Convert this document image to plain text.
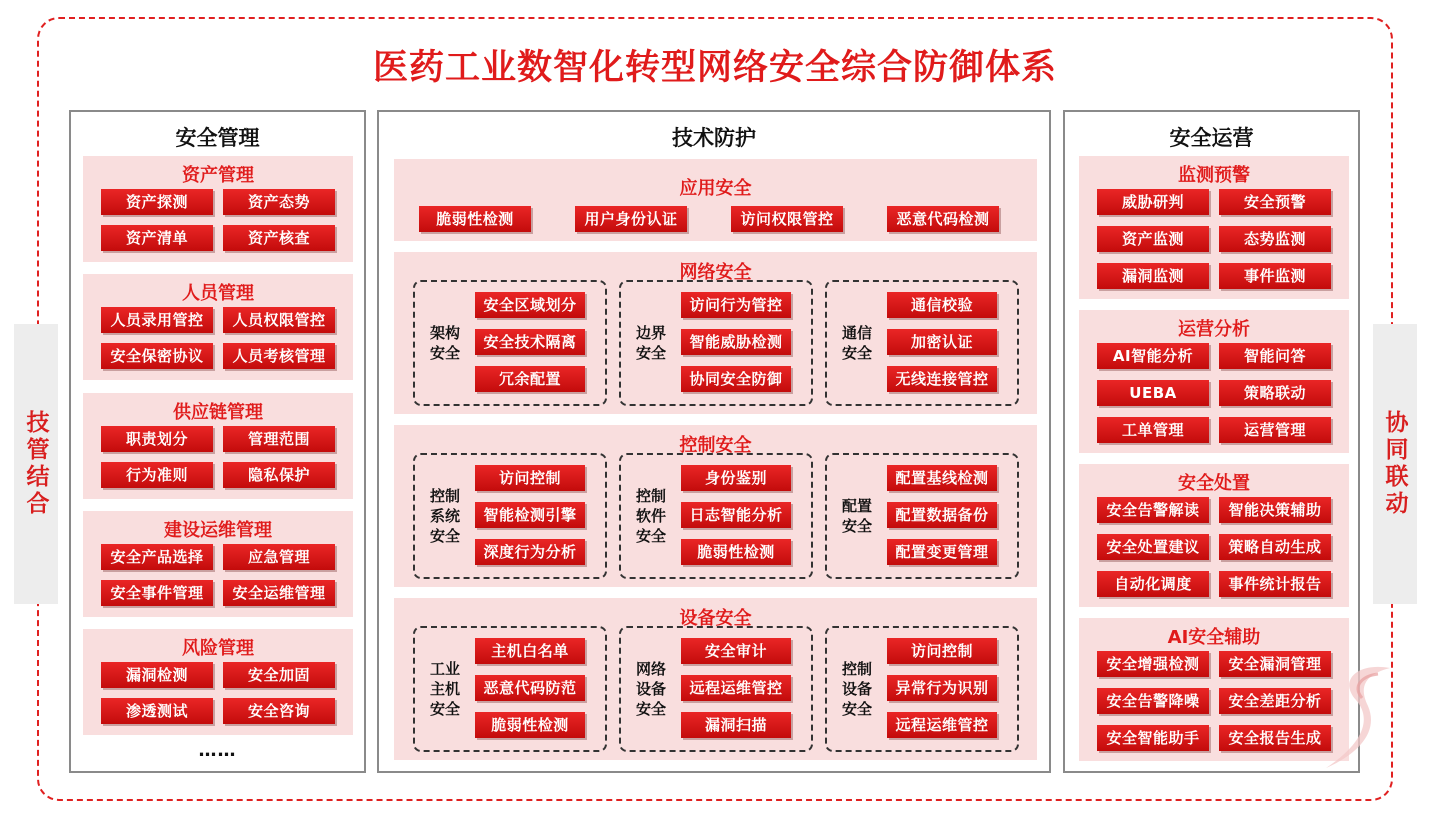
医药工业数智化转型网络安全综合防御体系
技管结合	协同联动
安全管理
资产管理
资产探测	资产态势
资产清单	资产核查
人员管理
人员录用管控	人员权限管控
安全保密协议	人员考核管理
供应链管理
职责划分	管理范围
行为准则	隐私保护
建设运维管理
安全产品选择	应急管理
安全事件管理	安全运维管理
风险管理
漏洞检测	安全加固
渗透测试	安全咨询
……
技术防护
应用安全
脆弱性检测	用户身份认证	访问权限管控	恶意代码检测
网络安全
架构
安全
安全区域划分
安全技术隔离
冗余配置
边界
安全
访问行为管控
智能威胁检测
协同安全防御
通信
安全
通信校验
加密认证
无线连接管控
控制安全
控制
系统
安全
访问控制
智能检测引擎
深度行为分析
控制
软件
安全
身份鉴别
日志智能分析
脆弱性检测
配置
安全
配置基线检测
配置数据备份
配置变更管理
设备安全
工业
主机
安全
主机白名单
恶意代码防范
脆弱性检测
网络
设备
安全
安全审计
远程运维管控
漏洞扫描
控制
设备
安全
访问控制
异常行为识别
远程运维管控
安全运营
监测预警
威胁研判	安全预警
资产监测	态势监测
漏洞监测	事件监测
运营分析
AI智能分析	智能问答
UEBA	策略联动
工单管理	运营管理
安全处置
安全告警解读	智能决策辅助
安全处置建议	策略自动生成
自动化调度	事件统计报告
AI安全辅助
安全增强检测	安全漏洞管理
安全告警降噪	安全差距分析
安全智能助手	安全报告生成
